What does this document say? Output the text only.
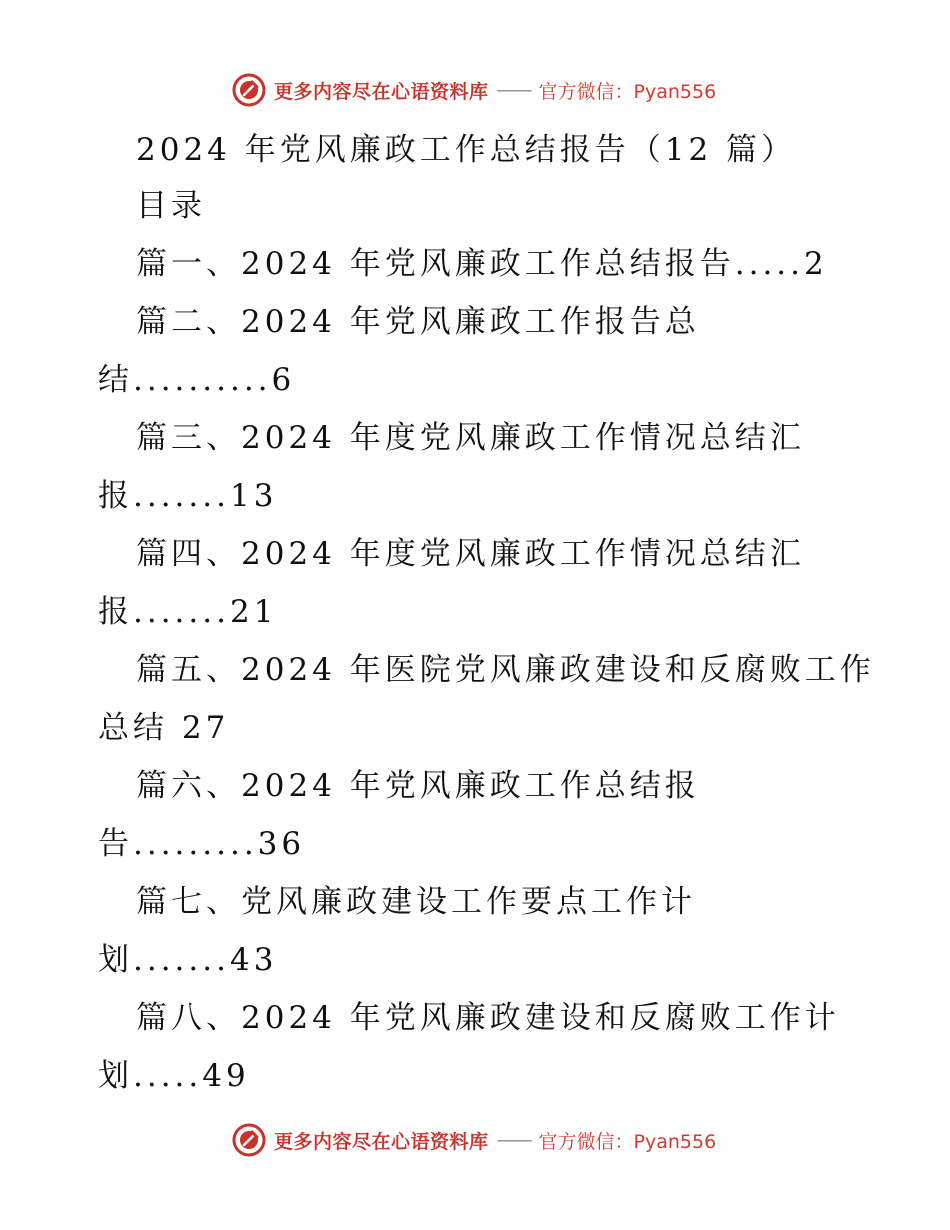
更多内容尽在心语资料库 —— 官方微信：Pyan556
2024 年党风廉政工作总结报告（12 篇）
目录
篇一、2024 年党风廉政工作总结报告.....2
篇二、2024 年党风廉政工作报告总
结..........6
篇三、2024 年度党风廉政工作情况总结汇
报.......13
篇四、2024 年度党风廉政工作情况总结汇
报.......21
篇五、2024 年医院党风廉政建设和反腐败工作
总结 27
篇六、2024 年党风廉政工作总结报
告.........36
篇七、党风廉政建设工作要点工作计
划.......43
篇八、2024 年党风廉政建设和反腐败工作计
划.....49
更多内容尽在心语资料库 —— 官方微信：Pyan556
